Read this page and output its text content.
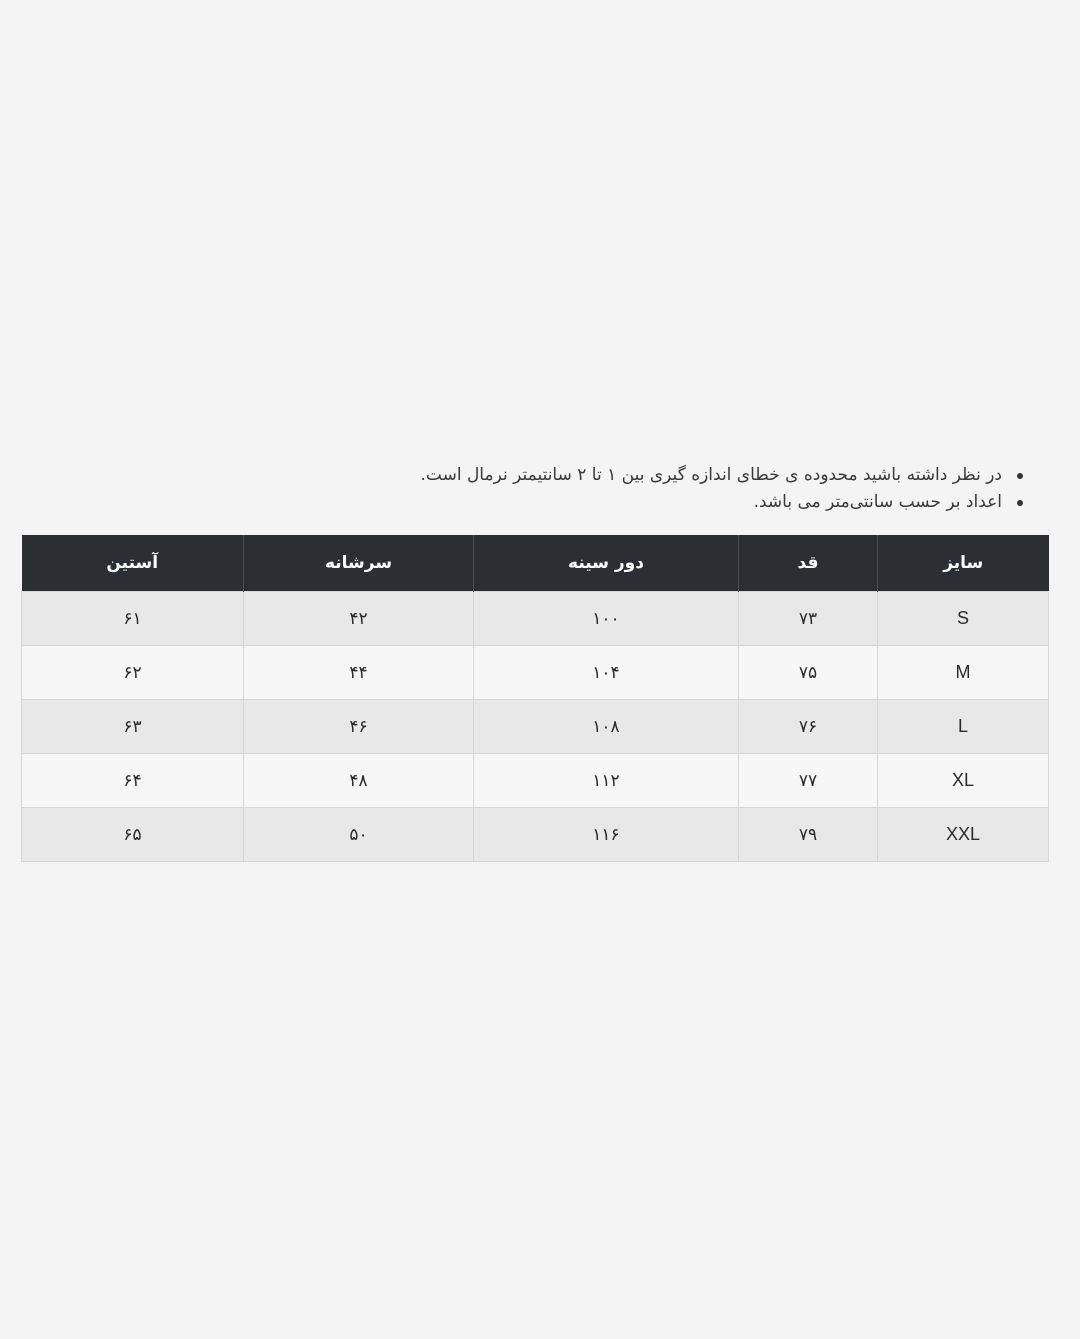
در نظر داشته باشید محدوده ی خطای اندازه گیری بین ۱ تا ۲ سانتیمتر نرمال است.
اعداد بر حسب سانتی‌متر می باشد.
سایز	قد	دور سینه	سرشانه	آستین
S	۷۳	۱۰۰	۴۲	۶۱
M	۷۵	۱۰۴	۴۴	۶۲
L	۷۶	۱۰۸	۴۶	۶۳
XL	۷۷	۱۱۲	۴۸	۶۴
XXL	۷۹	۱۱۶	۵۰	۶۵
